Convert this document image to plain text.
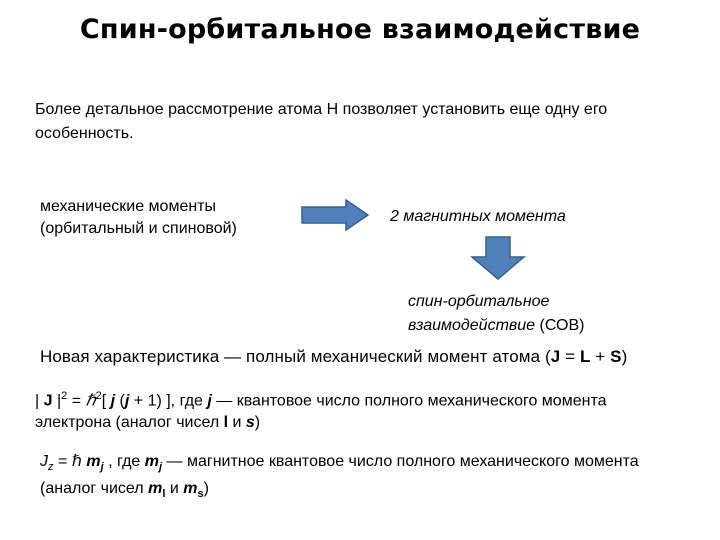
Спин-орбитальное взаимодействие
Более детальное рассмотрение атома H позволяет установить еще одну его особенность.
механические моменты
(орбитальный и спиновой)
2 магнитных момента
спин-орбитальное
взаимодействие (СОВ)
Новая характеристика — полный механический момент атома (J = L + S)
| J $|^2$ = ℏ$^2$[ j (j + 1) ], где j — квантовое число полного механического момента электрона (аналог чисел l и s)
$J_z$ = ℏ $m_j$ , где $m_j$ — магнитное квантовое число полного механического момента (аналог чисел $m_l$ и $m_s$)
